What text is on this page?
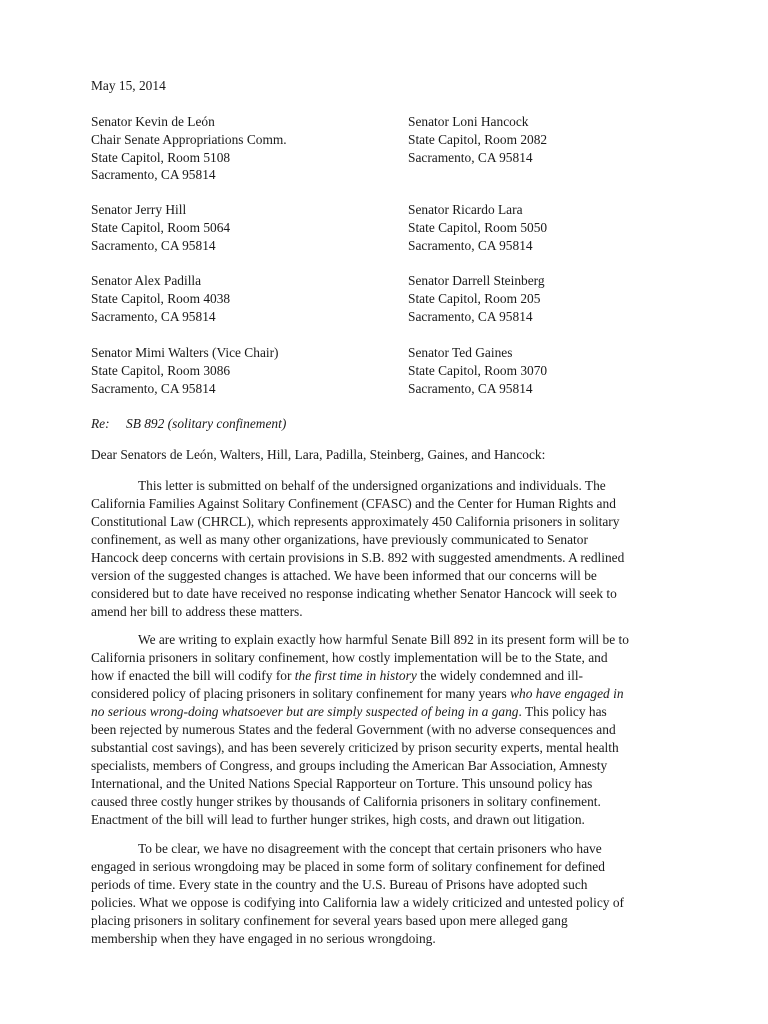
May 15, 2014
Senator Kevin de León
Chair Senate Appropriations Comm.
State Capitol, Room 5108
Sacramento, CA 95814
Senator Jerry Hill
State Capitol, Room 5064
Sacramento, CA 95814
Senator Alex Padilla
State Capitol, Room 4038
Sacramento, CA 95814
Senator Mimi Walters (Vice Chair)
State Capitol, Room 3086
Sacramento, CA 95814
Senator Loni Hancock
State Capitol, Room 2082
Sacramento, CA 95814
Senator Ricardo Lara
State Capitol, Room 5050
Sacramento, CA 95814
Senator Darrell Steinberg
State Capitol, Room 205
Sacramento, CA 95814
Senator Ted Gaines
State Capitol, Room 3070
Sacramento, CA 95814
Re: SB 892 (solitary confinement)
Dear Senators de León, Walters, Hill, Lara, Padilla, Steinberg, Gaines, and Hancock:
This letter is submitted on behalf of the undersigned organizations and individuals. The
California Families Against Solitary Confinement (CFASC) and the Center for Human Rights and
Constitutional Law (CHRCL), which represents approximately 450 California prisoners in solitary
confinement, as well as many other organizations, have previously communicated to Senator
Hancock deep concerns with certain provisions in S.B. 892 with suggested amendments. A redlined
version of the suggested changes is attached. We have been informed that our concerns will be
considered but to date have received no response indicating whether Senator Hancock will seek to
amend her bill to address these matters.
We are writing to explain exactly how harmful Senate Bill 892 in its present form will be to
California prisoners in solitary confinement, how costly implementation will be to the State, and
how if enacted the bill will codify for the first time in history the widely condemned and ill-
considered policy of placing prisoners in solitary confinement for many years who have engaged in
no serious wrong-doing whatsoever but are simply suspected of being in a gang. This policy has
been rejected by numerous States and the federal Government (with no adverse consequences and
substantial cost savings), and has been severely criticized by prison security experts, mental health
specialists, members of Congress, and groups including the American Bar Association, Amnesty
International, and the United Nations Special Rapporteur on Torture. This unsound policy has
caused three costly hunger strikes by thousands of California prisoners in solitary confinement.
Enactment of the bill will lead to further hunger strikes, high costs, and drawn out litigation.
To be clear, we have no disagreement with the concept that certain prisoners who have
engaged in serious wrongdoing may be placed in some form of solitary confinement for defined
periods of time. Every state in the country and the U.S. Bureau of Prisons have adopted such
policies. What we oppose is codifying into California law a widely criticized and untested policy of
placing prisoners in solitary confinement for several years based upon mere alleged gang
membership when they have engaged in no serious wrongdoing.
